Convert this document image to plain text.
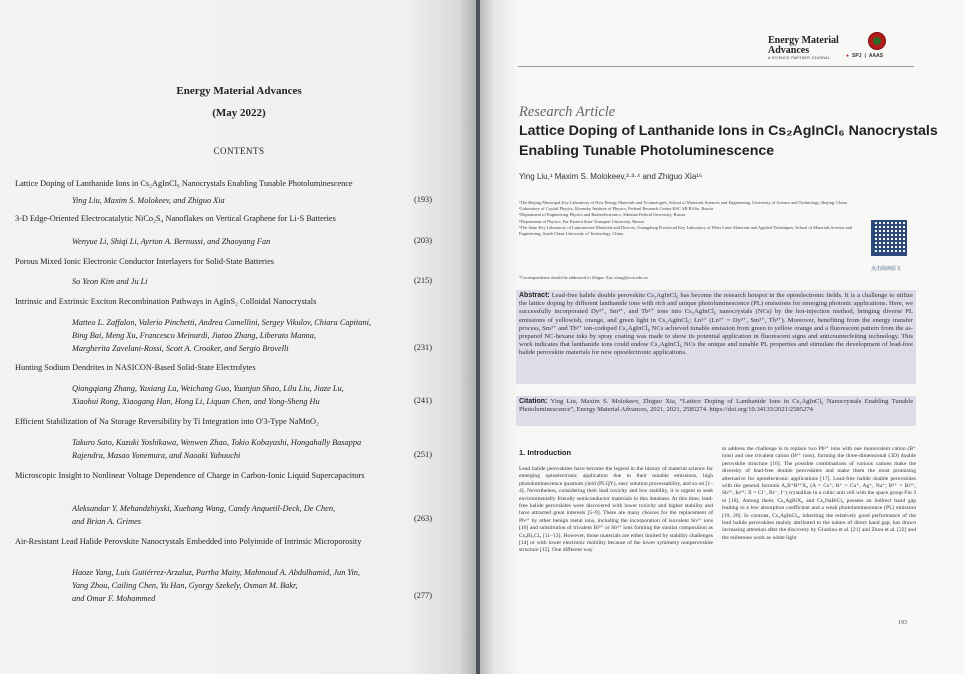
Energy Material Advances
(May 2022)
CONTENTS
Lattice Doping of Lanthanide Ions in Cs₂AgInCl₆ Nanocrystals Enabling Tunable Photoluminescence
Ying Liu, Maxim S. Molokeev, and Zhiguo Xia	(193)
3-D Edge-Oriented Electrocatalytic NiCo₂S₄ Nanoflakes on Vertical Graphene for Li-S Batteries
Wenyue Li, Shiqi Li, Ayrton A. Bernussi, and Zhaoyang Fan	(203)
Porous Mixed Ionic Electronic Conductor Interlayers for Solid-State Batteries
So Yeon Kim and Ju Li	(215)
Intrinsic and Extrinsic Exciton Recombination Pathways in AgInS₂ Colloidal Nanocrystals
Matteo L. Zaffalon, Valerio Pinchetti, Andrea Camellini, Sergey Vikulov, Chiara Capitani,
Bing Bai, Meng Xu, Francesco Meinardi, Jiatao Zhang, Liberato Manna,
Margherita Zavelani-Rossi, Scott A. Crooker, and Sergio Brovelli	(231)
Hunting Sodium Dendrites in NASICON-Based Solid-State Electrolytes
Qiangqiang Zhang, Yaxiang Lu, Weichang Guo, Yuanjun Shao, Lilu Liu, Jiaze Lu,
Xiaohui Rong, Xiaogang Han, Hong Li, Liquan Chen, and Yong-Sheng Hu	(241)
Efficient Stabilization of Na Storage Reversibility by Ti Integration into O'3-Type NaMnO₂
Takuro Sato, Kazuki Yoshikawa, Wenwen Zhao, Tokio Kobayashi, Hongahally Basappa
Rajendra, Masao Yonemura, and Naoaki Yabuuchi	(251)
Microscopic Insight to Nonlinear Voltage Dependence of Charge in Carbon-Ionic Liquid Supercapacitors
Aleksandar Y. Mehandzhiyski, Xuehang Wang, Candy Anquetil-Deck, De Chen,
and Brian A. Grimes	(263)
Air-Resistant Lead Halide Perovskite Nanocrystals Embedded into Polyimide of Intrinsic Microporosity
Haoze Yang, Luis Gutiérrez-Arzaluz, Partha Maity, Mahmoud A. Abdulhamid, Jun Yin,
Yang Zhou, Cailing Chen, Yu Han, Gyorgy Szekely, Osman M. Bakr,
and Omar F. Mohammed	(277)
Energy Material
Advances
A SCIENCE PARTNER JOURNAL	● SPJ | AAAS
Research Article
Lattice Doping of Lanthanide Ions in Cs₂AgInCl₆ Nanocrystals Enabling Tunable Photoluminescence
Ying Liu,¹ Maxim S. Molokeev,²·³·⁴ and Zhiguo Xia¹⁵
¹The Beijing Municipal Key Laboratory of New Energy Materials and Technologies, School of Materials Sciences and Engineering, University of Science and Technology, Beijing, China
²Laboratory of Crystal Physics, Kirensky Institute of Physics, Federal Research Center KSC SB RASo, Russia
³Department of Engineering Physics and Radioelectronics, Siberian Federal University, Russia
⁴Department of Physics, Far Eastern State Transport University, Russia
⁵The State Key Laboratory of Luminescent Materials and Devices, Guangdong Provincial Key Laboratory of Fiber Laser Materials and Applied Techniques, School of Materials Science and Engineering, South China University of Technology, China
*Correspondence should be addressed to Zhiguo Xia; xiazg@scut.edu.cn
点击阅读原文
Abstract: Lead-free halide double perovskite Cs₂AgInCl₆ has become the research hotspot in the optoelectronic fields. It is a challenge to utilize the lattice doping by different lanthanide ions with rich and unique photoluminescence (PL) emissions for emerging photonic applications. Here, we successfully incorporated Dy³⁺, Sm³⁺, and Tb³⁺ ions into Cs₂AgInCl₆ nanocrystals (NCs) by the hot-injection method, bringing diverse PL emissions of yellowish, orange, and green light in Cs₂AgInCl₆: Ln³⁺ (Ln³⁺ = Dy³⁺, Sm³⁺, Tb³⁺). Moreover, benefiting from the energy transfer process, Sm³⁺ and Tb³⁺ ion-codoped Cs₂AgInCl₆ NCs achieved tunable emission from green to yellow orange and a fluorescent pattern from the as-prepared NC-hexane inks by spray coating was made to show its potential application in fluorescent signs and anticounterfeiting technology. This work indicates that lanthanide ions could endow Cs₂AgInCl₆ NCs the unique and tunable PL properties and stimulate the development of lead-free halide perovskite materials for new optoelectronic applications.
Citation: Ying Liu, Maxim S. Molokeev, Zhiguo Xia, “Lattice Doping of Lanthanide Ions in Cs₂AgInCl₆ Nanocrystals Enabling Tunable Photoluminescence”, Energy Material Advances, 2021, 2021, 2585274. https://doi.org/10.34133/2021/2585274
1. Introduction
Lead halide perovskites have become the legend in the history of material science for emerging optoelectronic application due to their tunable emissions, high photoluminescence quantum yield (PLQY), easy solution processability, and so on [1–4]. Nevertheless, considering their lead toxicity and low stability, it is urgent to seek environmentally friendly semiconductor materials in this database. At this time, lead-free halide perovskites were discovered with lower toxicity and higher stability and have attracted great interests [5–9]. There are many choices for the replacement of Pb²⁺ by other benign metal ions, including the incorporation of isovalent Sn²⁺ ions [10] and substitution of trivalent Bi³⁺ or Sb³⁺ ions forming the similar composition as Cs₃Bi₂Cl₉ [11–13]. However, those materials are either limited by stability challenges [14] or with lower electronic mobility because of the lower symmetry nonperovskite structure [15]. One different way
to address the challenge is to replace two Pb²⁺ ions with one monovalent cation (B⁺ ions) and one trivalent cation (B³⁺ ions), forming the three-dimensional (3D) double perovskite structure [16]. The possible combinations of various cations make the diversity of lead-free double perovskites and make them the most promising alternative for optoelectronic applications [17]. Lead-free halide double perovskites with the general formula A₂B⁺B³⁺X₆ (A = Cs⁺; B⁺ = Cu⁺, Ag⁺, Na⁺; B³⁺ = Bi³⁺, Sb³⁺, In³⁺; X = Cl⁻, Br⁻, I⁻) crystallize in a cubic unit cell with the space group Fm 3 m [18]. Among them, Cs₂AgBiX₆ and Cs₂NaBiCl₆ possess an indirect band gap leading to a low absorption coefficient and a weak photoluminescence (PL) emission [19, 20]. In contrast, Cs₂AgInCl₆, inheriting the relatively good performance of the lead halide perovskites mainly attributed to the nature of direct band gap, has drawn increasing attention after the discovery by Giustino et al. [21] and Zhou et al. [22] and the milestone work as white light
193
